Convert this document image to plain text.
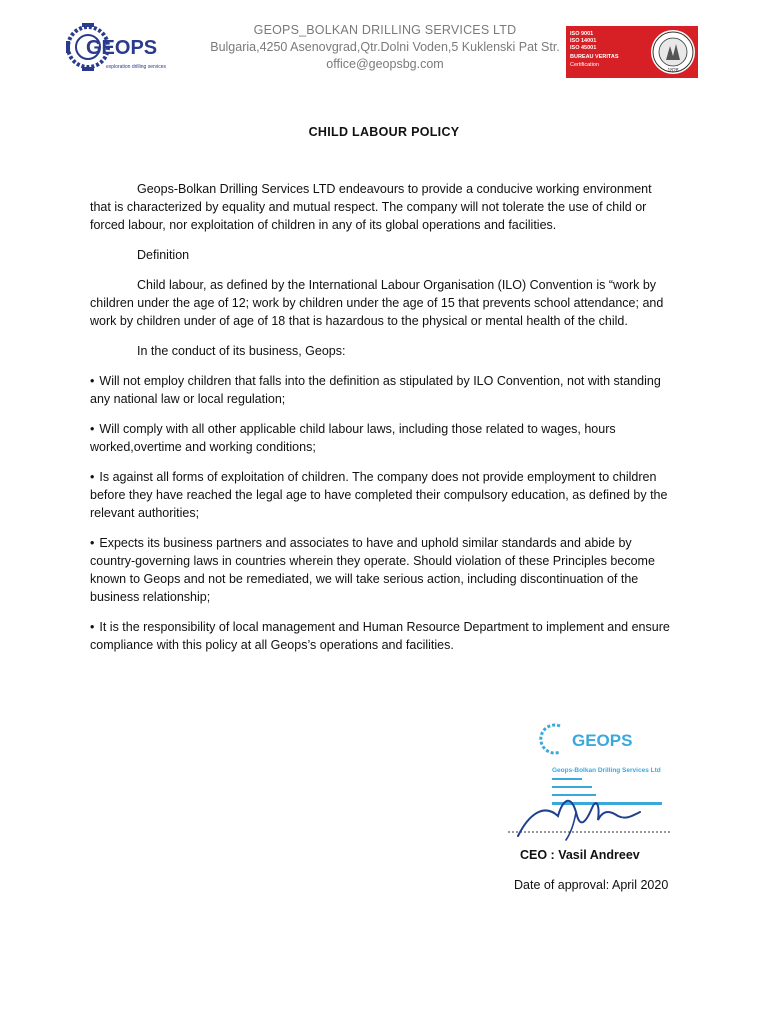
GEOPS
exploration drilling services
GEOPS_BOLKAN DRILLING SERVICES LTD
Bulgaria,4250 Asenovgrad,Qtr.Dolni Voden,5 Kuklenski Pat Str.
office@geopsbg.com
ISO 9001
ISO 14001
ISO 45001
BUREAU VERITAS
Certification
1828
CHILD LABOUR POLICY

Geops-Bolkan Drilling Services LTD endeavours to provide a conducive working environment that is characterized by equality and mutual respect. The company will not tolerate the use of child or forced labour, nor exploitation of children in any of its global operations and facilities.

Definition

Child labour, as defined by the International Labour Organisation (ILO) Convention is “work by children under the age of 12; work by children under the age of 15 that prevents school attendance; and work by children under of age of 18 that is hazardous to the physical or mental health of the child.

In the conduct of its business, Geops:

• Will not employ children that falls into the definition as stipulated by ILO Convention, not with standing any national law or local regulation;
• Will comply with all other applicable child labour laws, including those related to wages, hours worked,overtime and working conditions;
• Is against all forms of exploitation of children. The company does not provide employment to children before they have reached the legal age to have completed their compulsory education, as defined by the relevant authorities;
• Expects its business partners and associates to have and uphold similar standards and abide by country-governing laws in countries wherein they operate. Should violation of these Principles become known to Geops and not be remediated, we will take serious action, including discontinuation of the business relationship;
• It is the responsibility of local management and Human Resource Department to implement and ensure compliance with this policy at all Geops’s operations and facilities.
GEOPS
Geops-Bolkan Drilling Services Ltd
CEO : Vasil Andreev
Date of approval: April 2020
